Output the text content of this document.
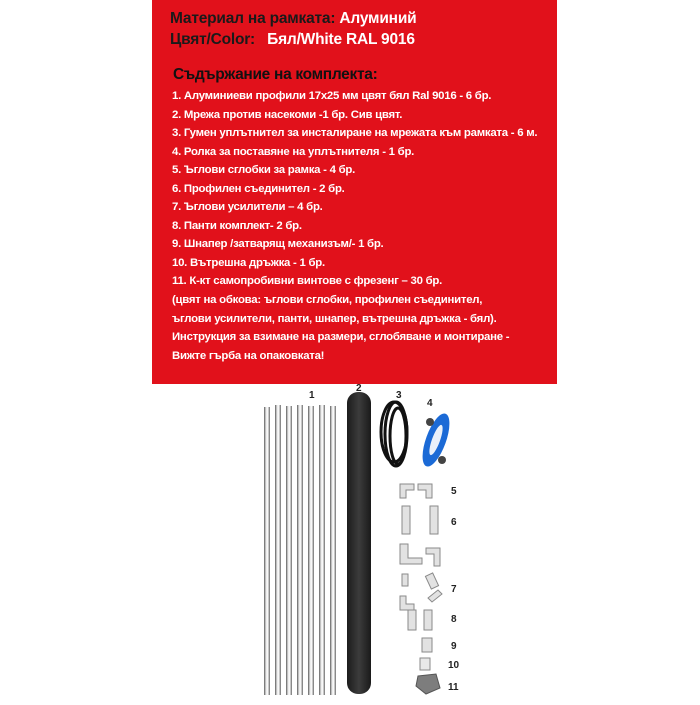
Материал на рамката: Алуминий
Цвят/Color: Бял/White RAL 9016
Съдържание на комплекта:
1. Алуминиеви профили 17x25 мм цвят бял Ral 9016 - 6 бр.
2. Мрежа против насекоми -1 бр. Сив цвят.
3. Гумен уплътнител за инсталиране на мрежата към рамката - 6 м.
4. Ролка за поставяне на уплътнителя - 1 бр.
5. Ъглови сглобки за рамка - 4 бр.
6. Профилен съединител - 2 бр.
7. Ъглови усилители – 4 бр.
8. Панти комплект- 2 бр.
9. Шнапер /затварящ механизъм/- 1 бр.
10. Вътрешна дръжка - 1 бр.
11. К-кт самопробивни винтове с фрезенг – 30 бр.
(цвят на обкова: ъглови сглобки, профилен съединител,
ъглови усилители, панти, шнапер, вътрешна дръжка - бял).
Инструкция за взимане на размери, сглобяване и монтиране -
Вижте гърба на опаковката!
1
2
3
4
5
6
7
8
9
10
11
